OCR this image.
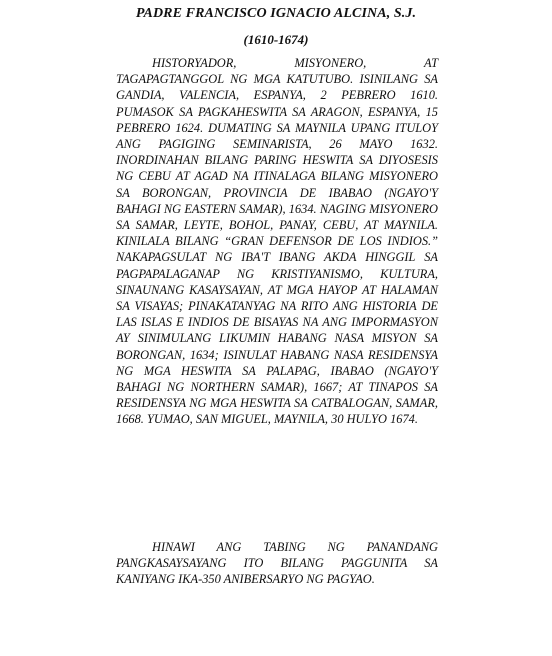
PADRE FRANCISCO IGNACIO ALCINA, S.J.
(1610-1674)

HISTORYADOR, MISYONERO, AT TAGAPAGTANGGOL NG MGA KATUTUBO. ISINILANG SA GANDIA, VALENCIA, ESPANYA, 2 PEBRERO 1610. PUMASOK SA PAGKAHESWITA SA ARAGON, ESPANYA, 15 PEBRERO 1624. DUMATING SA MAYNILA UPANG ITULOY ANG PAGIGING SEMINARISTA, 26 MAYO 1632. INORDINAHAN BILANG PARING HESWITA SA DIYOSESIS NG CEBU AT AGAD NA ITINALAGA BILANG MISYONERO SA BORONGAN, PROVINCIA DE IBABAO (NGAYO'Y BAHAGI NG EASTERN SAMAR), 1634. NAGING MISYONERO SA SAMAR, LEYTE, BOHOL, PANAY, CEBU, AT MAYNILA. KINILALA BILANG “GRAN DEFENSOR DE LOS INDIOS.” NAKAPAGSULAT NG IBA'T IBANG AKDA HINGGIL SA PAGPAPALAGANAP NG KRISTIYANISMO, KULTURA, SINAUNANG KASAYSAYAN, AT MGA HAYOP AT HALAMAN SA VISAYAS; PINAKATANYAG NA RITO ANG HISTORIA DE LAS ISLAS E INDIOS DE BISAYAS NA ANG IMPORMASYON AY SINIMULANG LIKUMIN HABANG NASA MISYON SA BORONGAN, 1634; ISINULAT HABANG NASA RESIDENSYA NG MGA HESWITA SA PALAPAG, IBABAO (NGAYO'Y BAHAGI NG NORTHERN SAMAR), 1667; AT TINAPOS SA RESIDENSYA NG MGA HESWITA SA CATBALOGAN, SAMAR, 1668. YUMAO, SAN MIGUEL, MAYNILA, 30 HULYO 1674.

HINAWI ANG TABING NG PANANDANG PANGKASAYSAYANG ITO BILANG PAGGUNITA SA KANIYANG IKA-350 ANIBERSARYO NG PAGYAO.
